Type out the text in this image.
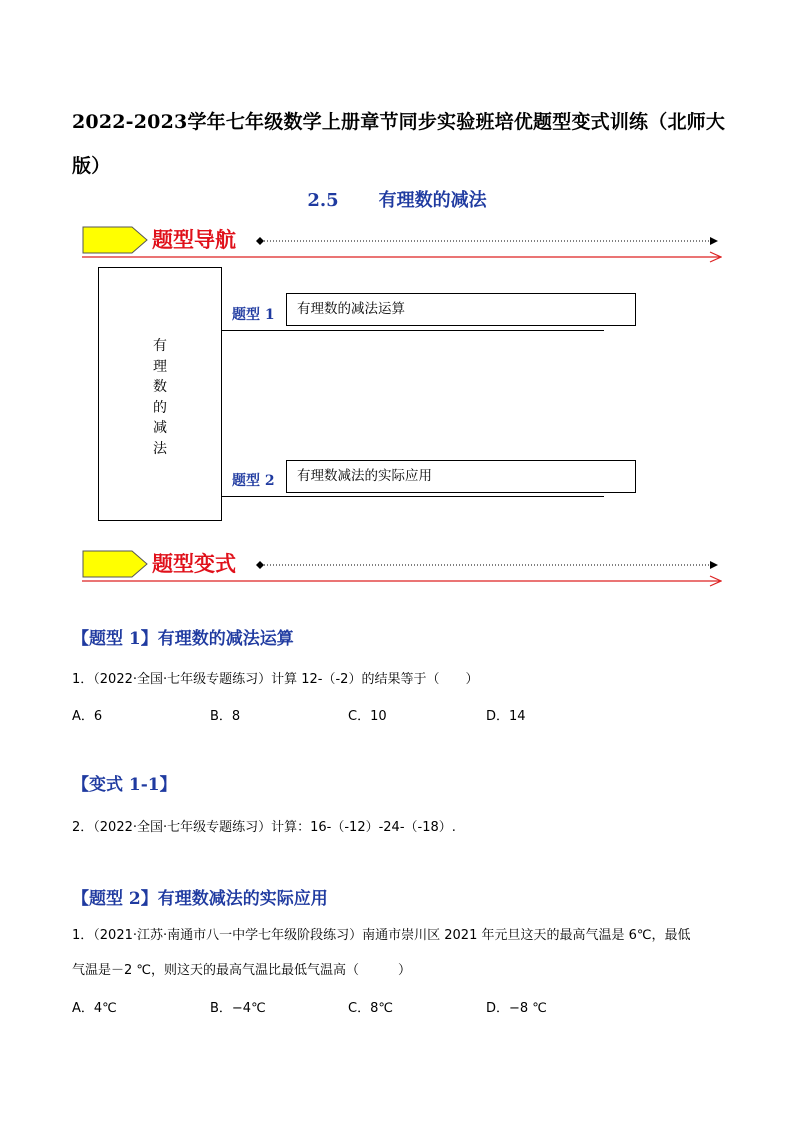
2022-2023学年七年级数学上册章节同步实验班培优题型变式训练（北师大版）
2.5 有理数的减法
题型导航
有
理
数
的
减
法
题型 1	有理数的减法运算
题型 2	有理数减法的实际应用
题型变式
【题型 1】有理数的减法运算
1．（2022·全国·七年级专题练习）计算 12-（-2）的结果等于（　　）
A．6	B．8	C．10	D．14
【变式 1-1】
2．（2022·全国·七年级专题练习）计算：16-（-12）-24-（-18）.
【题型 2】有理数减法的实际应用
1．（2021·江苏·南通市八一中学七年级阶段练习）南通市崇川区 2021 年元旦这天的最高气温是 6℃，最低
气温是－2 ℃，则这天的最高气温比最低气温高（　　　）
A．4℃	B．−4℃	C．8℃	D．−8 ℃
